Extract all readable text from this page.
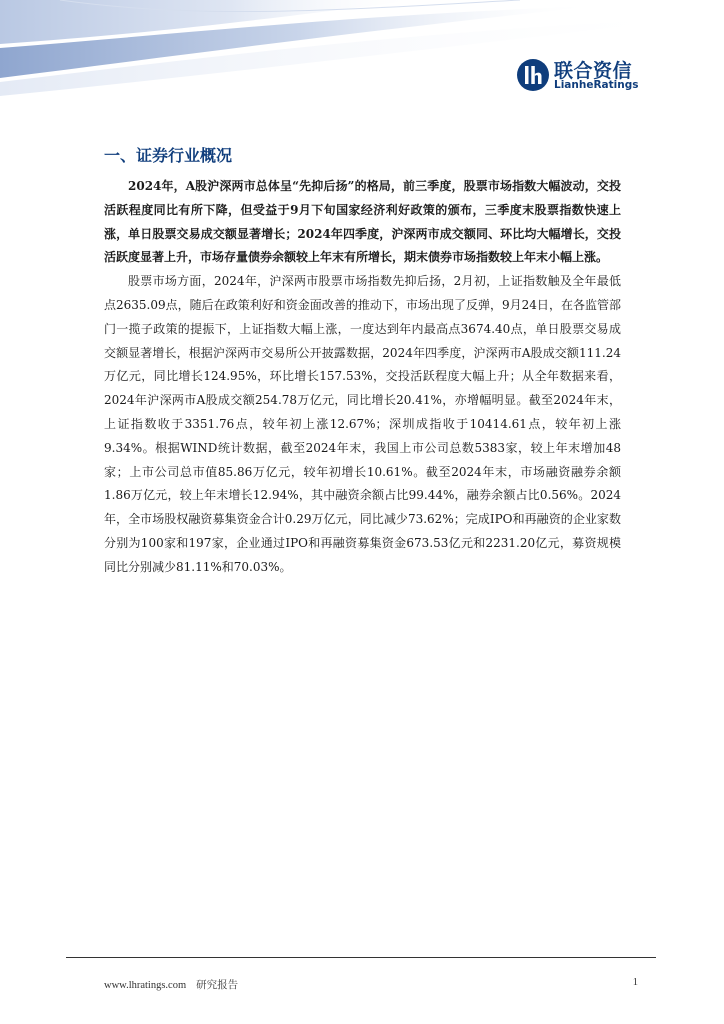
联合资信
LianheRatings
一、证券行业概况

2024年，A股沪深两市总体呈“先抑后扬”的格局，前三季度，股票市场指数大幅波动，交投活跃程度同比有所下降，但受益于9月下旬国家经济利好政策的颁布，三季度末股票指数快速上涨，单日股票交易成交额显著增长；2024年四季度，沪深两市成交额同、环比均大幅增长，交投活跃度显著上升，市场存量债券余额较上年末有所增长，期末债券市场指数较上年末小幅上涨。

股票市场方面，2024年，沪深两市股票市场指数先抑后扬，2月初，上证指数触及全年最低点2635.09点，随后在政策利好和资金面改善的推动下，市场出现了反弹，9月24日，在各监管部门一揽子政策的提振下，上证指数大幅上涨，一度达到年内最高点3674.40点，单日股票交易成交额显著增长，根据沪深两市交易所公开披露数据，2024年四季度，沪深两市A股成交额111.24万亿元，同比增长124.95%，环比增长157.53%，交投活跃程度大幅上升；从全年数据来看，2024年沪深两市A股成交额254.78万亿元，同比增长20.41%，亦增幅明显。截至2024年末，上证指数收于3351.76点，较年初上涨12.67%；深圳成指收于10414.61点，较年初上涨9.34%。根据WIND统计数据，截至2024年末，我国上市公司总数5383家，较上年末增加48家；上市公司总市值85.86万亿元，较年初增长10.61%。截至2024年末，市场融资融券余额1.86万亿元，较上年末增长12.94%，其中融资余额占比99.44%，融券余额占比0.56%。2024年，全市场股权融资募集资金合计0.29万亿元，同比减少73.62%；完成IPO和再融资的企业家数分别为100家和197家，企业通过IPO和再融资募集资金673.53亿元和2231.20亿元，募资规模同比分别减少81.11%和70.03%。

www.lhratings.com 研究报告	1
